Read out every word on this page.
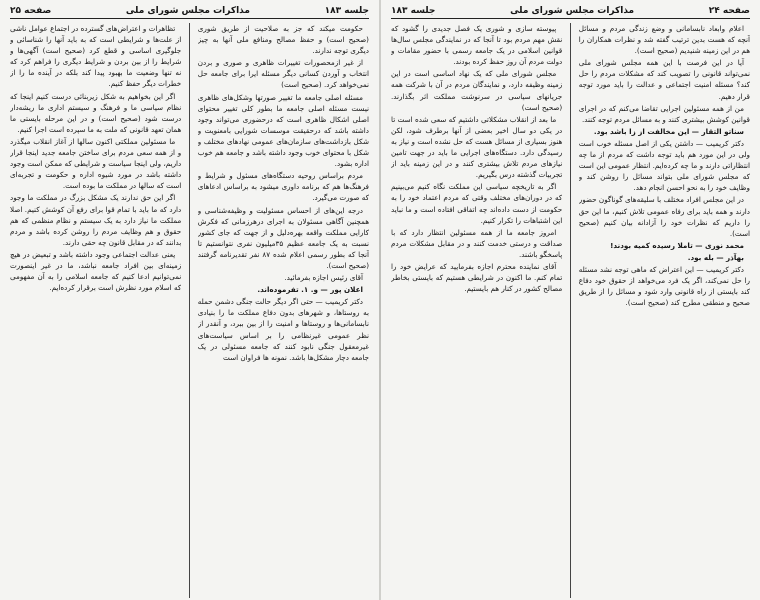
جلسه ۱۸۳
مذاکرات مجلس شورای ملی
صفحه ۲۵

حکومت میکند که جز به صلاحیت از طریق شوری (صحیح است) و حفظ مصالح ومنافع ملی آنها به چیز دیگری توجه ندارند.

از غیر ازمحصورات تغییرات ظاهری و صوری و بردن انتخاب و آوردن کسانی دیگر مسئله ایرا برای جامعه حل نمی‌خواهد کرد. (صحیح است)

مسئله اصلی جامعه ما تغییر صورتها وشکل‌های ظاهری نیست مسئله اصلی جامعه ما بطور کلی تغییر محتوای اصلی اشکال ظاهری است که درحضوری می‌تواند وجود داشته باشد که درحقیقت موسسات شورایی بامعنویت و شکل بازداشت‌های سازمان‌های عمومی نهادهای مختلف و شکل با محتوای خوب وجود داشته باشد و جامعه هم خوب اداره بشود.

مردم براساس روحیه دستگاه‌های مسئول و شرایط و فرهنگ‌ها هم که برنامه داوری میشود به براساس ادعاهای که صورت می‌گیرد.

درجه این‌های از احساس مسئولیت و وظیفه‌شناسی و همچنین آگاهی مسئولان به اجرای درهرزمانی که فکرش کارایی مملکت واقعه بهره‌دلیل و از جهت که جای کشور نسبت به یک جامعه عظیم ۳۵میلیون نفری نتوانستیم تا آنجا که بطور رسمی اعلام شده ۸۷ نفر تقدیرنامه گرفتند (صحیح است).

آقای رئیس اجازه بفرمائید.

اعلان پور — و. ۱. تفرموده‌اند.

دکتر کریمیب — حتی اگر دیگر حالت جنگی دشمن حمله به روستاها، و شهرهای بدون دفاع مملکت ما را بنیادی نابسامانی‌ها و روستاها و امنیت را از بین ببرد، و آنقدر از نظر عمومی غیرنظامی را بر اساس سیاست‌های غیرمعقول جنگی نابود کنند که جامعه مسئولی در یک جامعه دچار مشکل‌ها باشد. نمونه ها فراوان است

تظاهرات و اعتراض‌های گسترده در اجتماع عوامل ناشی از علت‌ها و شرایطی است که به باید آنها را شناسائی و جلوگیری اساسی و قطع کرد (صحیح است) آگهی‌ها و شرایط را از بین بردن و شرایط دیگری را فراهم کرد که نه تنها وضعیت ما بهبود پیدا کند بلکه در آینده ما را از خطرات دیگر حفظ کنیم.

اگر این بخواهیم به شکل زیربنائی درست کنیم اینجا که نظام سیاسی ما و فرهنگ و سیستم اداری ما ریشه‌دار درست شود (صحیح است) و در این مرحله بایستی ما همان تعهد قانونی که ملت به ما سپرده است اجرا کنیم.

ما مسئولین مملکتی اکنون سالها از آغاز انقلاب میگذرد و از همه سعی مردم برای ساختن جامعه جدید اینجا قرار داریم، ولی اینجا سیاست و شرایطی که ممکن است وجود داشته باشد در مورد شیوه اداره و حکومت و تجربه‌ای است که سالها در مملکت ما بوده است.

اگر این حق ندارند یک مشکل بزرگ در مملکت ما وجود دارد که ما باید با تمام قوا برای رفع آن کوشش کنیم. اصلا مملکت ما نیاز دارد به یک سیستم و نظام منظمی که هم حقوق و هم وظایف مردم را روشن کرده باشد و مردم بدانند که در مقابل قانون چه حقی دارند.

یعنی عدالت اجتماعی وجود داشته باشد و تبعیض در هیچ زمینه‌ای بین افراد جامعه نباشد، ما در غیر اینصورت نمی‌توانیم ادعا کنیم که جامعه اسلامی را به آن مفهومی که اسلام مورد نظرش است برقرار کرده‌ایم.

صفحه ۲۴
مذاکرات مجلس شورای ملی
جلسه ۱۸۳

اعلام وابعاد نابسامانی و وضع زندگی مردم و مسائل آنچه که هست بدین ترتیب گفته شد و نظرات همکاران را هم در این زمینه شنیدیم (صحیح است).

آیا در این فرصت با این همه مجلس شورای ملی نمی‌تواند قانونی را تصویب کند که مشکلات مردم را حل کند؟ مسئله امنیت اجتماعی و عدالت را باید مورد توجه قرار دهیم.

من از همه مسئولین اجرایی تقاضا می‌کنم که در اجرای قوانین کوشش بیشتری کنند و به مسائل مردم توجه کنند.

سناتو التقار — این مخالفت از زا باشد بود.

دکتر کریمیب — داشتن یکی از اصل مسئله خوب است ولی در این مورد هم باید توجه داشت که مردم از ما چه انتظاراتی دارند و ما چه کرده‌ایم. انتظار عمومی این است که مجلس شورای ملی بتواند مسائل را روشن کند و وظایف خود را به نحو احسن انجام دهد.

در این مجلس افراد مختلف با سلیقه‌های گوناگون حضور دارند و همه باید برای رفاه عمومی تلاش کنیم، ما این حق را داریم که نظرات خود را آزادانه بیان کنیم (صحیح است).

محمد نوری — تاملا رسیده کمیه بودند!

بهآذر — بله بود.

دکتر کریمیب — این اعتراض که ماهی توجه نشد مسئله را حل نمی‌کند، اگر یک فرد می‌خواهد از حقوق خود دفاع کند بایستی از راه قانونی وارد شود و مسائل را از طریق صحیح و منطقی مطرح کند (صحیح است).

پیوسته سازی و شوری یک فصل جدیدی را گشود که نقش مهم مردم بود تا آنجا که در نمایندگی مجلس سال‌ها قوانین اسلامی در یک جامعه رسمی با حضور مقامات و دولت مردم آن روز حفظ کرده بودند.

مجلس شورای ملی که یک نهاد اساسی است در این زمینه وظیفه دارد، و نمایندگان مردم در آن با شرکت همه جریانهای سیاسی در سرنوشت مملکت اثر بگذارند. (صحیح است)

ما بعد از انقلاب مشکلاتی داشتیم که سعی شده است تا در یکی دو سال اخیر بعضی از آنها برطرف شود، لکن هنوز بسیاری از مسائل هست که حل نشده است و نیاز به رسیدگی دارد. دستگاه‌های اجرایی ما باید در جهت تامین نیازهای مردم تلاش بیشتری کنند و در این زمینه باید از تجربیات گذشته درس بگیریم.

اگر به تاریخچه سیاسی این مملکت نگاه کنیم می‌بینیم که در دوران‌های مختلف وقتی که مردم اعتماد خود را به حکومت از دست داده‌اند چه اتفاقی افتاده است و ما نباید این اشتباهات را تکرار کنیم.

امروز جامعه ما از همه مسئولین انتظار دارد که با صداقت و درستی خدمت کنند و در مقابل مشکلات مردم پاسخگو باشند.

آقای نماینده محترم اجازه بفرمایید که عرایض خود را تمام کنم. ما اکنون در شرایطی هستیم که بایستی بخاطر مصالح کشور در کنار هم بایستیم.
